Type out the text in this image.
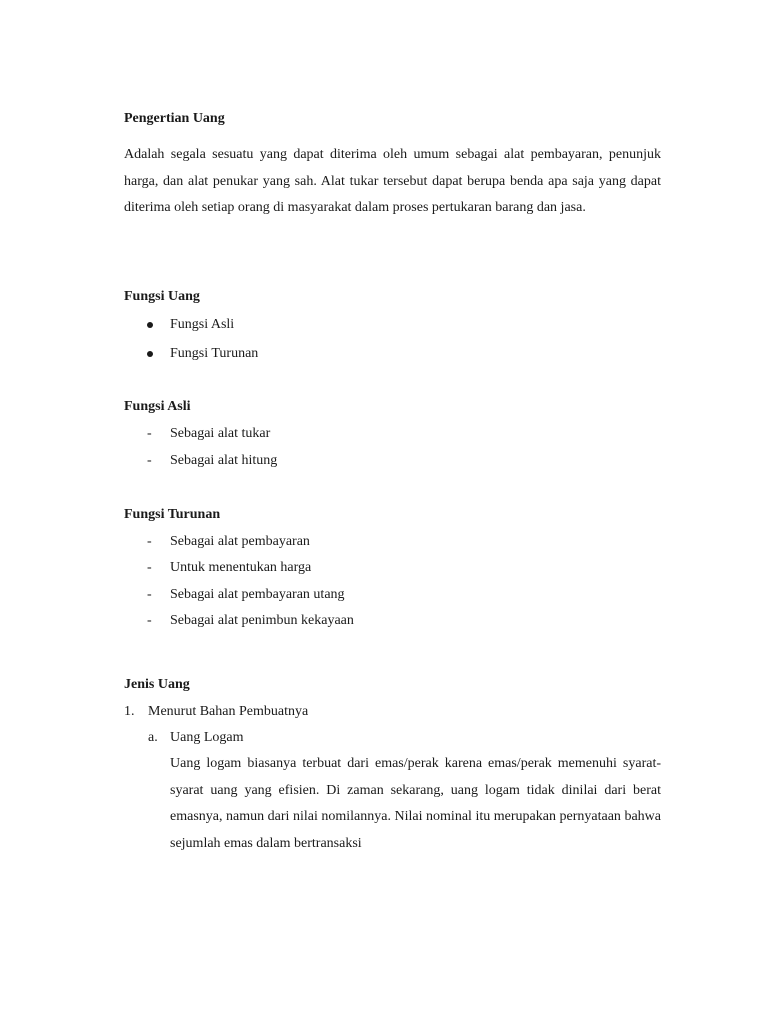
Pengertian Uang

Adalah segala sesuatu yang dapat diterima oleh umum sebagai alat pembayaran, penunjuk harga, dan alat penukar yang sah. Alat tukar tersebut dapat berupa benda apa saja yang dapat diterima oleh setiap orang di masyarakat dalam proses pertukaran barang dan jasa.

Fungsi Uang
Fungsi Asli
Fungsi Turunan
Fungsi Asli
-	Sebagai alat tukar
-	Sebagai alat hitung
Fungsi Turunan
-	Sebagai alat pembayaran
-	Untuk menentukan harga
-	Sebagai alat pembayaran utang
-	Sebagai alat penimbun kekayaan
Jenis Uang
1. Menurut Bahan Pembuatnya
a. Uang Logam

Uang logam biasanya terbuat dari emas/perak karena emas/perak memenuhi syarat-syarat uang yang efisien. Di zaman sekarang, uang logam tidak dinilai dari berat emasnya, namun dari nilai nomilannya. Nilai nominal itu merupakan pernyataan bahwa sejumlah emas dalam bertransaksi
